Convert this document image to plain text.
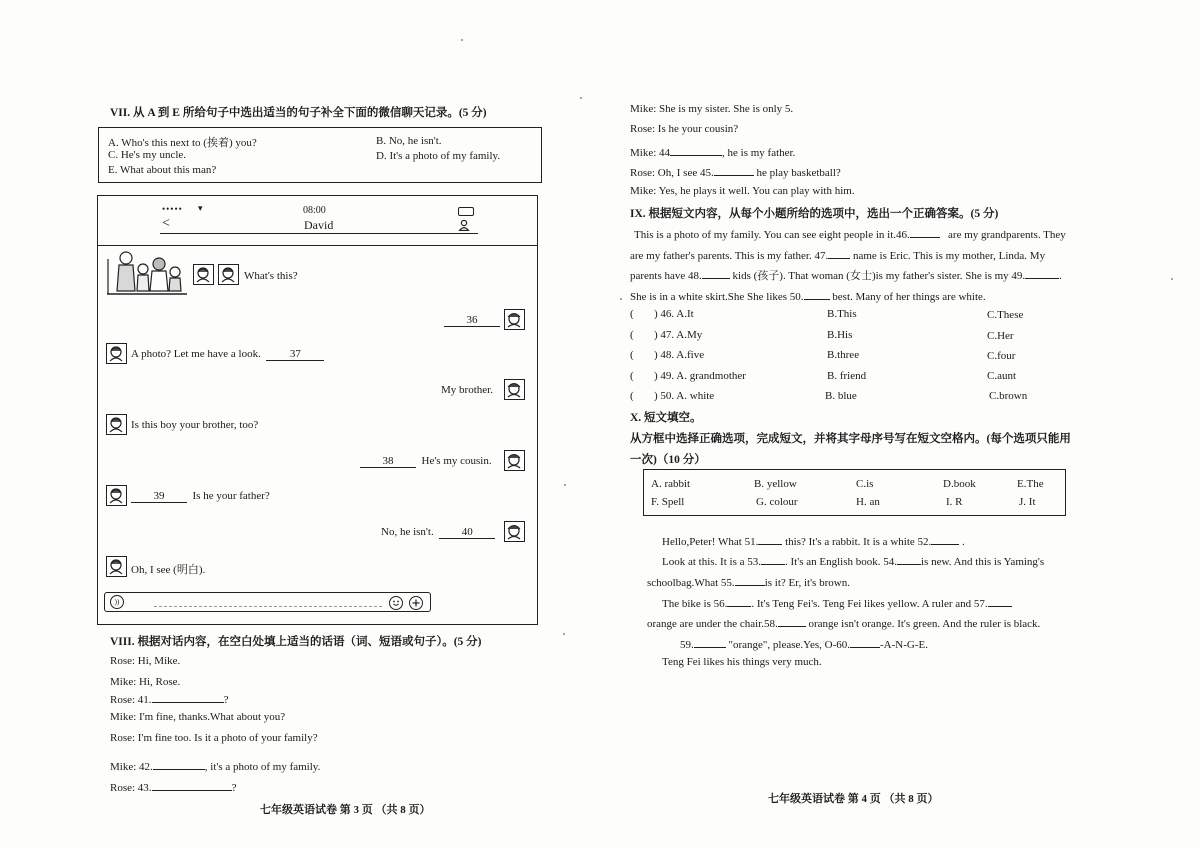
VII. 从 A 到 E 所给句子中选出适当的句子补全下面的微信聊天记录。(5 分)
A. Who's this next to (挨着) you?	B. No, he isn't.
C. He's my uncle.	D. It's a photo of my family.
E. What about this man?
••••• ▾	08:00
<	David
What's this?
36
A photo? Let me have a look.	37
My brother.
Is this boy your brother, too?
38	He's my cousin.
39	Is he your father?
No, he isn't.	40
Oh, I see (明白).
))
VIII. 根据对话内容，在空白处填上适当的话语（词、短语或句子）。(5 分)
Rose: Hi, Mike.
Mike: Hi, Rose.
Rose: 41.	?
Mike: I'm fine, thanks.What about you?
Rose: I'm fine too. Is it a photo of your family?
Mike: 42.	, it's a photo of my family.
Rose: 43.	?
七年级英语试卷 第 3 页 （共 8 页）
Mike: She is my sister. She is only 5.
Rose: Is he your cousin?
Mike: 44	, he is my father.
Rose: Oh, I see 45.	he play basketball?
Mike: Yes, he plays it well. You can play with him.
IX. 根据短文内容，从每个小题所给的选项中，选出一个正确答案。(5 分)
This is a photo of my family. You can see eight people in it.46.	are my grandparents. They
are my father's parents. This is my father. 47. name is Eric. This is my mother, Linda. My
parents have 48.	kids (孩子). That woman (女士)is my father's sister. She is my 49.	.
She is in a white skirt.She She likes 50.	best. Many of her things are white.
( ) 46. A.It	B.This	C.These
( ) 47. A.My	B.His	C.Her
( ) 48. A.five	B.three	C.four
( ) 49. A. grandmother	B. friend	C.aunt
( ) 50. A. white	B. blue	C.brown
X. 短文填空。
从方框中选择正确选项，完成短文，并将其字母序号写在短文空格内。(每个选项只能用
一次)（10 分）
A. rabbit	B. yellow	C.is	D.book	E.The
F. Spell	G. colour	H. an	I. R	J. It
Hello,Peter! What 51. this? It's a rabbit. It is a white 52.	.
Look at this. It is a 53. . It's an English book. 54. is new. And this is Yaming's
schoolbag.What 55.	is it? Er, it's brown.
The bike is 56. . It's Teng Fei's. Teng Fei likes yellow. A ruler and 57.
orange are under the chair.58.	orange isn't orange. It's green. And the ruler is black.
59.	"orange", please.Yes, O-60.	-A-N-G-E.
Teng Fei likes his things very much.
七年级英语试卷 第 4 页 （共 8 页）
